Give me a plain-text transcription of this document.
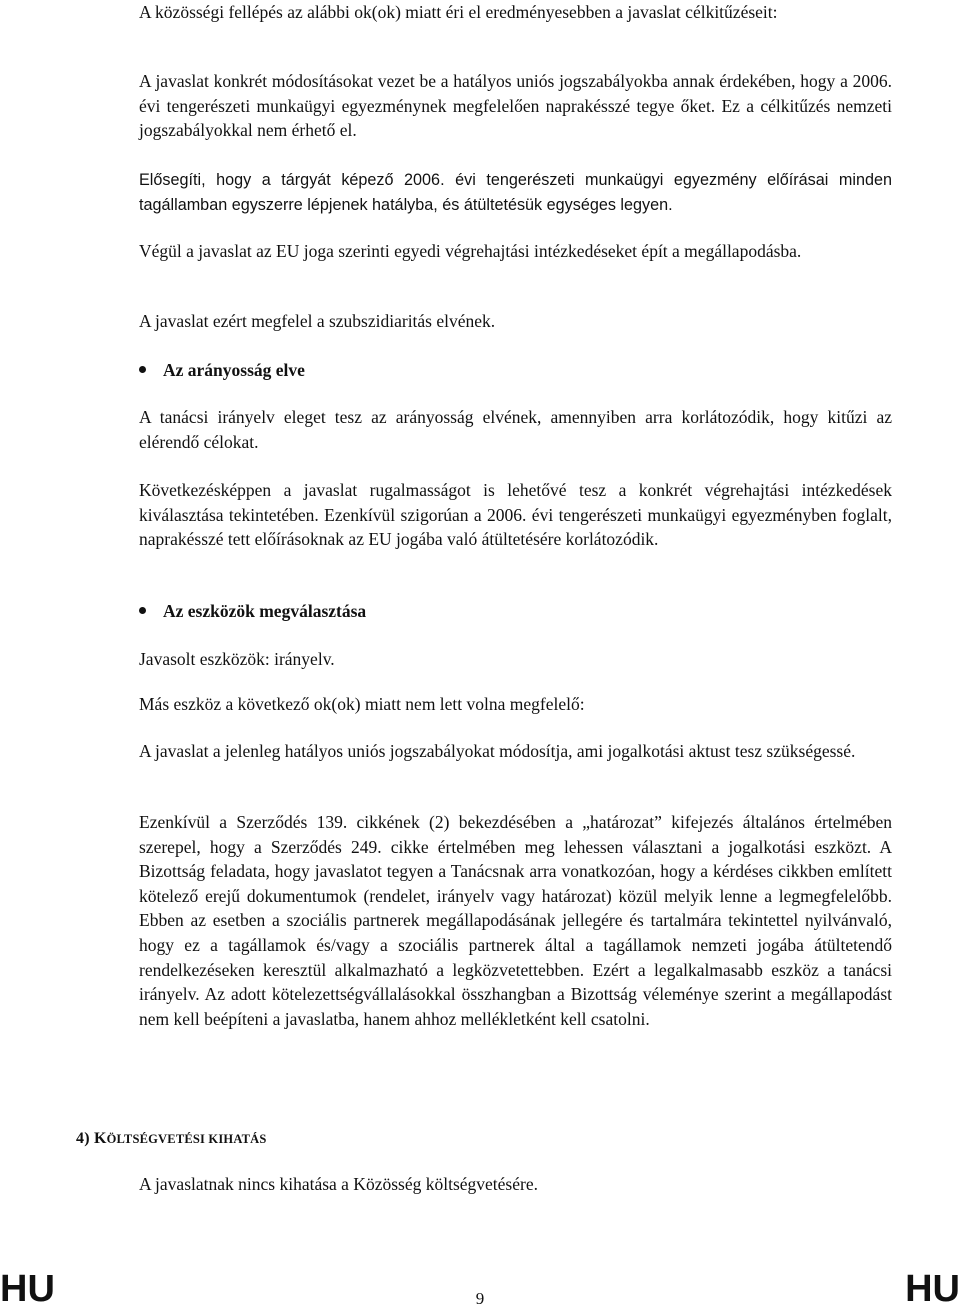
A közösségi fellépés az alábbi ok(ok) miatt éri el eredményesebben a javaslat célkitűzéseit:

A javaslat konkrét módosításokat vezet be a hatályos uniós jogszabályokba annak érdekében, hogy a 2006. évi tengerészeti munkaügyi egyezménynek megfelelően naprakésszé tegye őket. Ez a célkitűzés nemzeti jogszabályokkal nem érhető el.

Elősegíti, hogy a tárgyát képező 2006. évi tengerészeti munkaügyi egyezmény előírásai minden tagállamban egyszerre lépjenek hatályba, és átültetésük egységes legyen.

Végül a javaslat az EU joga szerinti egyedi végrehajtási intézkedéseket épít a megállapodásba.

A javaslat ezért megfelel a szubszidiaritás elvének.

Az arányosság elve

A tanácsi irányelv eleget tesz az arányosság elvének, amennyiben arra korlátozódik, hogy kitűzi az elérendő célokat.

Következésképpen a javaslat rugalmasságot is lehetővé tesz a konkrét végrehajtási intézkedések kiválasztása tekintetében. Ezenkívül szigorúan a 2006. évi tengerészeti munkaügyi egyezményben foglalt, naprakésszé tett előírásoknak az EU jogába való átültetésére korlátozódik.

Az eszközök megválasztása

Javasolt eszközök: irányelv.

Más eszköz a következő ok(ok) miatt nem lett volna megfelelő:

A javaslat a jelenleg hatályos uniós jogszabályokat módosítja, ami jogalkotási aktust tesz szükségessé.

Ezenkívül a Szerződés 139. cikkének (2) bekezdésében a „határozat” kifejezés általános értelmében szerepel, hogy a Szerződés 249. cikke értelmében meg lehessen választani a jogalkotási eszközt. A Bizottság feladata, hogy javaslatot tegyen a Tanácsnak arra vonatkozóan, hogy a kérdéses cikkben említett kötelező erejű dokumentumok (rendelet, irányelv vagy határozat) közül melyik lenne a legmegfelelőbb. Ebben az esetben a szociális partnerek megállapodásának jellegére és tartalmára tekintettel nyilvánvaló, hogy ez a tagállamok és/vagy a szociális partnerek által a tagállamok nemzeti jogába átültetendő rendelkezéseken keresztül alkalmazható a legközvetettebben. Ezért a legalkalmasabb eszköz a tanácsi irányelv. Az adott kötelezettségvállalásokkal összhangban a Bizottság véleménye szerint a megállapodást nem kell beépíteni a javaslatba, hanem ahhoz mellékletként kell csatolni.

4) KÖLTSÉGVETÉSI KIHATÁS

A javaslatnak nincs kihatása a Közösség költségvetésére.

HU	9	HU
